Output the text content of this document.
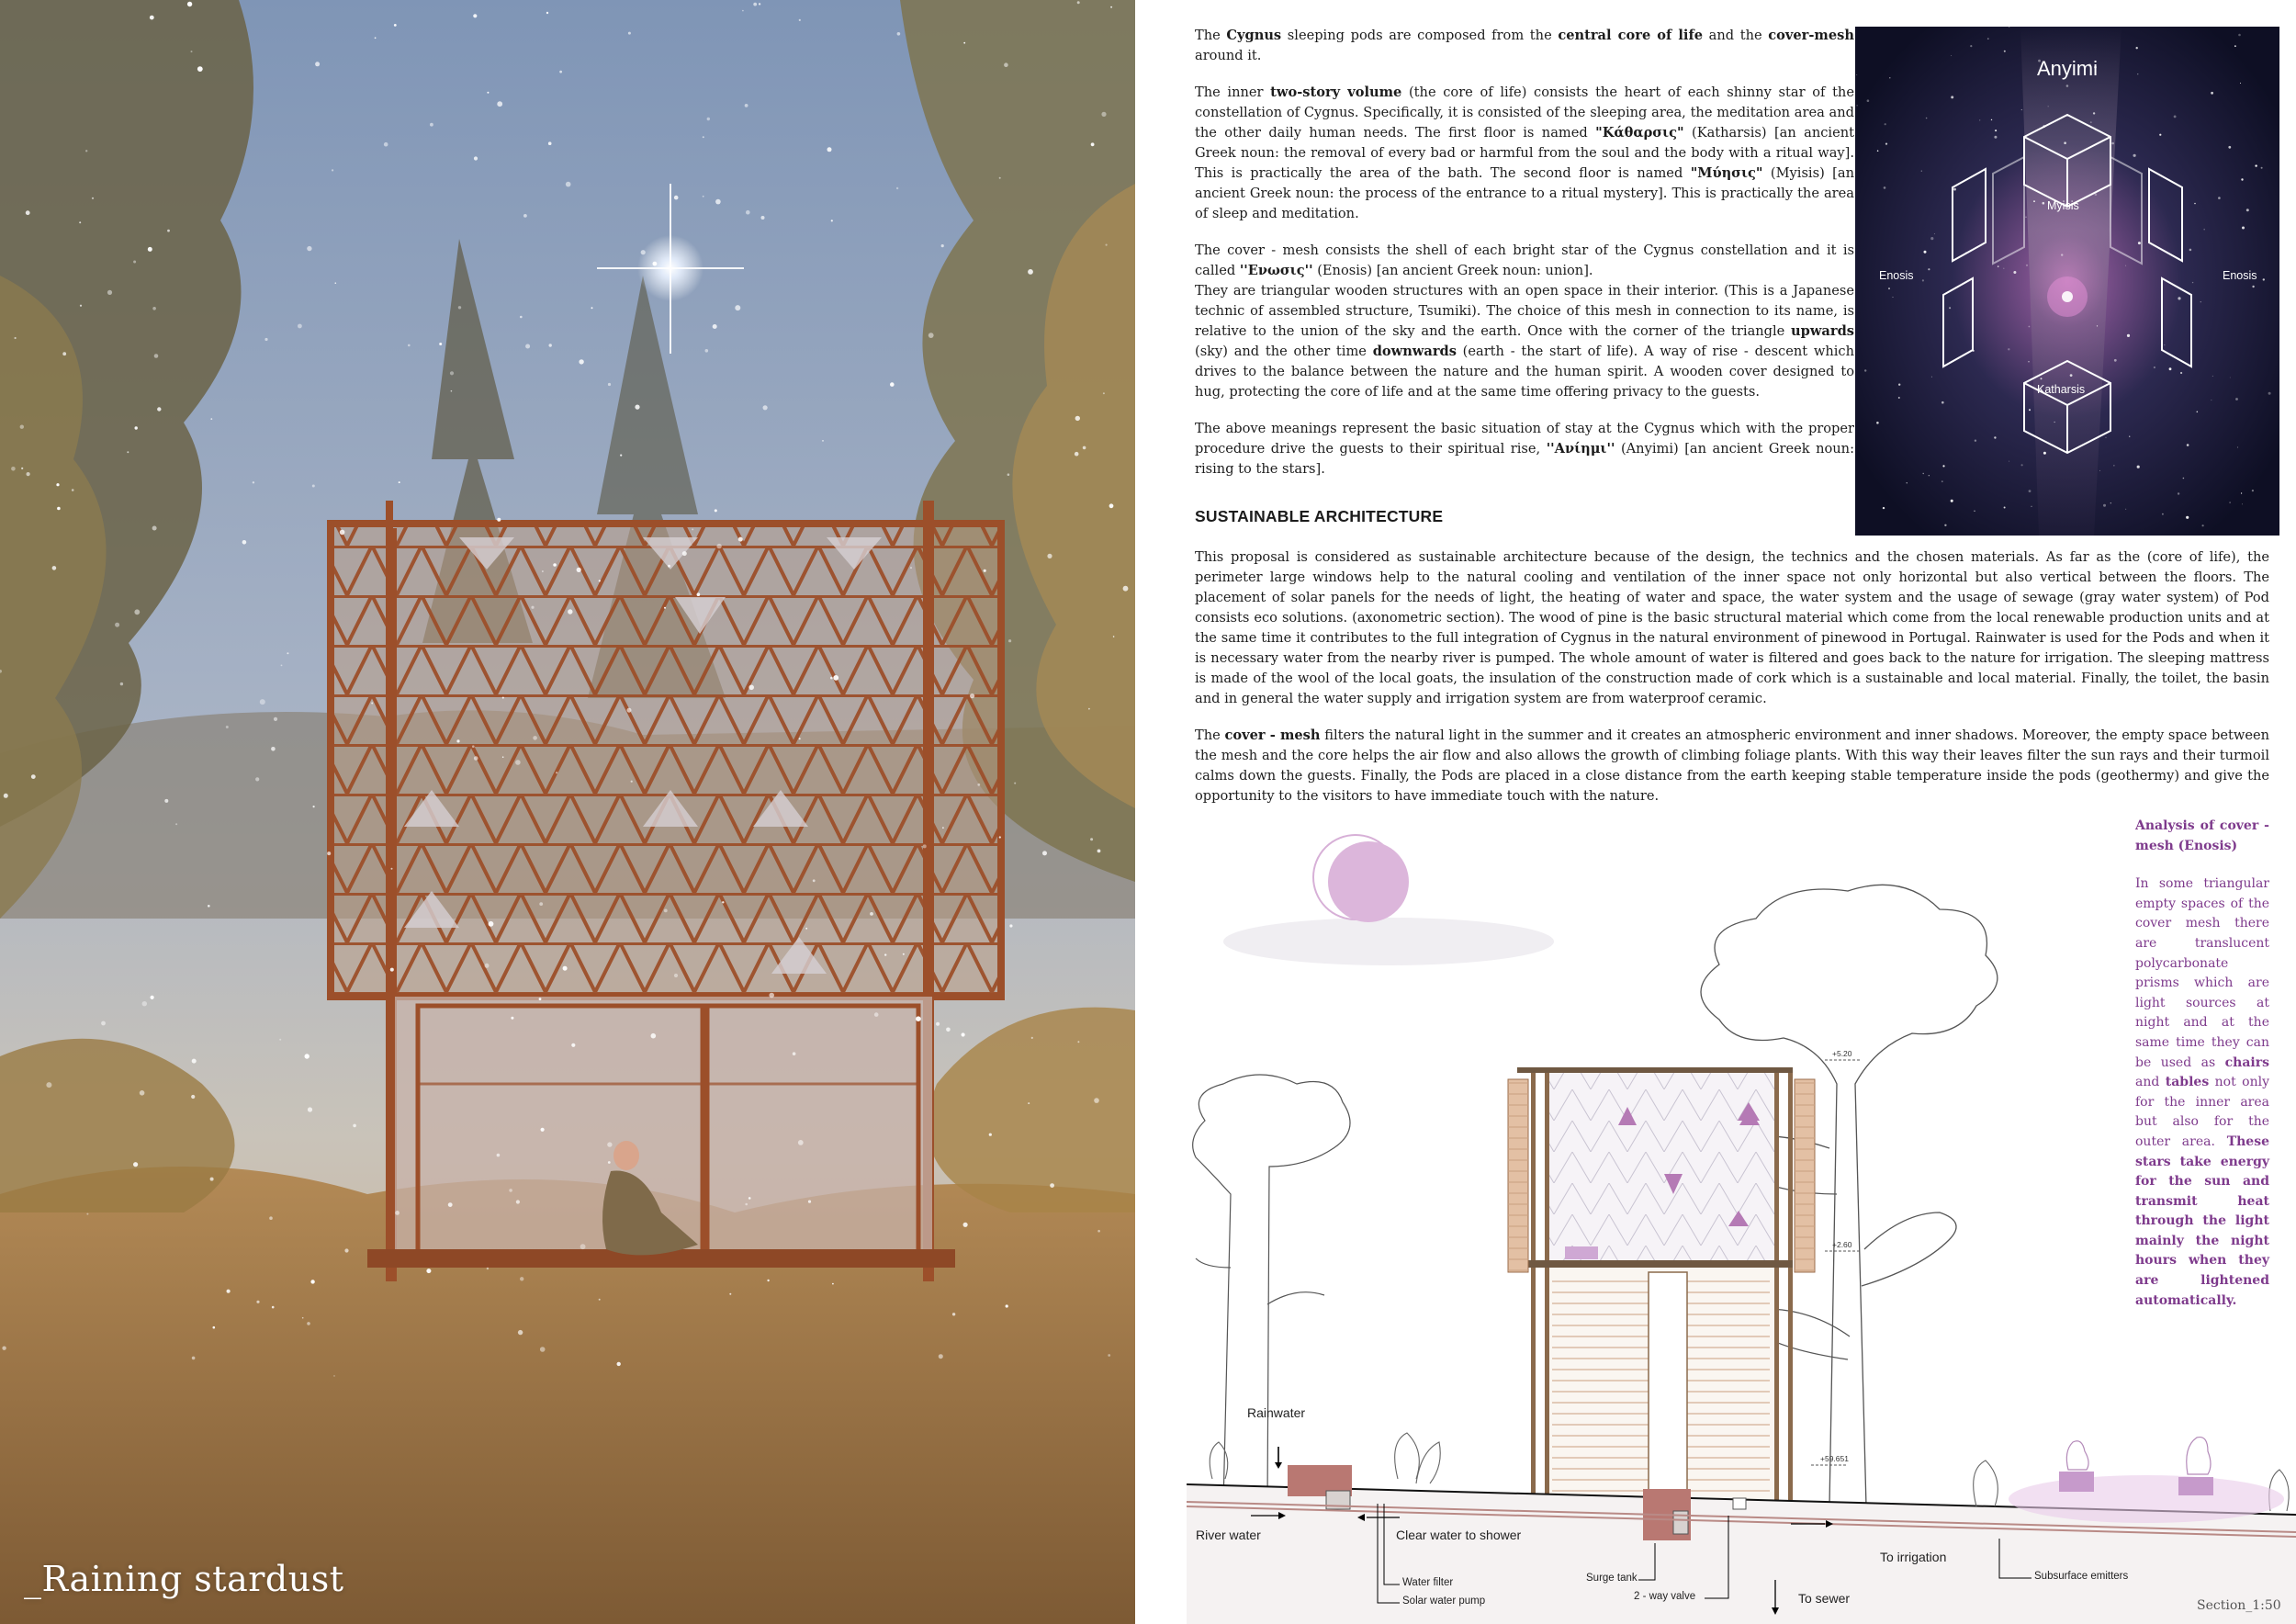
_Raining stardust

The Cygnus sleeping pods are composed from the central core of life and the cover-mesh around it.

The inner two-story volume (the core of life) consists the heart of each shinny star of the constellation of Cygnus. Specifically, it is consisted of the sleeping area, the meditation area and the other daily human needs. The first floor is named "Κάθαρσις" (Katharsis) [an ancient Greek noun: the removal of every bad or harmful from the soul and the body with a ritual way]. This is practically the area of the bath. The second floor is named "Μύησις" (Myisis) [an ancient Greek noun: the process of the entrance to a ritual mystery]. This is practically the area of sleep and meditation.

The cover - mesh consists the shell of each bright star of the Cygnus constellation and it is called ''Ενωσις'' (Enosis) [an ancient Greek noun: union].
They are triangular wooden structures with an open space in their interior. (This is a Japanese technic of assembled structure, Tsumiki). The choice of this mesh in connection to its name, is relative to the union of the sky and the earth. Once with the corner of the triangle upwards (sky) and the other time downwards (earth - the start of life). A way of rise - descent which drives to the balance between the nature and the human spirit. A wooden cover designed to hug, protecting the core of life and at the same time offering privacy to the guests.

The above meanings represent the basic situation of stay at the Cygnus which with the proper procedure drive the guests to their spiritual rise, ''Ανίημι'' (Anyimi) [an ancient Greek noun: rising to the stars].

SUSTAINABLE ARCHITECTURE

This proposal is considered as sustainable architecture because of the design, the technics and the chosen materials. As far as the (core of life), the perimeter large windows help to the natural cooling and ventilation of the inner space not only horizontal but also vertical between the floors. The placement of solar panels for the needs of light, the heating of water and space, the water system and the usage of sewage (gray water system) of Pod consists eco solutions. (axonometric section). The wood of pine is the basic structural material which come from the local renewable production units and at the same time it contributes to the full integration of Cygnus in the natural environment of pinewood in Portugal. Rainwater is used for the Pods and when it is necessary water from the nearby river is pumped. The whole amount of water is filtered and goes back to the nature for irrigation. The sleeping mattress is made of the wool of the local goats, the insulation of the construction made of cork which is a sustainable and local material. Finally, the toilet, the basin and in general the water supply and irrigation system are from waterproof ceramic.

The cover - mesh filters the natural light in the summer and it creates an atmospheric environment and inner shadows. Moreover, the empty space between the mesh and the core helps the air flow and also allows the growth of climbing foliage plants. With this way their leaves filter the sun rays and their turmoil calms down the guests. Finally, the Pods are placed in a close distance from the earth keeping stable temperature inside the pods (geothermy) and give the opportunity to the visitors to have immediate touch with the nature.

Anyimi
Myisis
Enosis	Enosis
Katharsis
Analysis of cover - mesh (Enosis)
In some triangular empty spaces of the cover mesh there are translucent polycarbonate prisms which are light sources at night and at the same time they can be used as chairs and tables not only for the inner area but also for the outer area. These stars take energy for the sun and transmit heat through the light mainly the night hours when they are lightened automatically.
Rainwater
River water	Clear water to shower
Water filter
Solar water pump
Surge tank
2 - way valve	To sewer
To irrigation
Subsurface emitters
+5.20
+2.60
+59.651
Section_1:50
